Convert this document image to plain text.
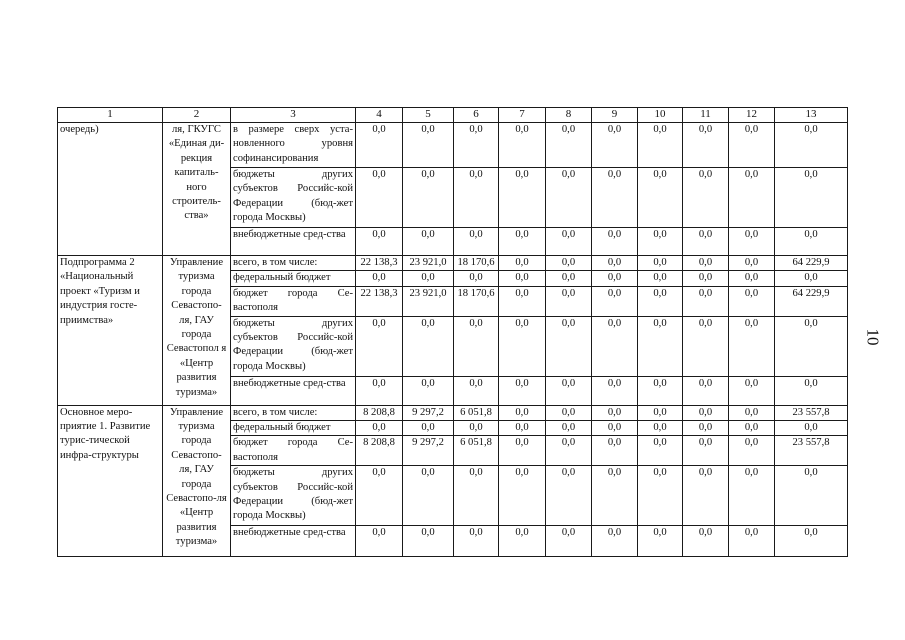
1	2	3	4	5	6	7	8	9	10	11	12	13
очередь)	ля, ГКУГС «Единая ди-рекция капиталь-ного строитель-ства»	в размере сверх уста-новленного уровня софинансирования	0,0	0,0	0,0	0,0	0,0	0,0	0,0	0,0	0,0	0,0
		бюджеты других субъектов Российс-кой Федерации (бюд-жет города Москвы)	0,0	0,0	0,0	0,0	0,0	0,0	0,0	0,0	0,0	0,0
		внебюджетные сред-ства	0,0	0,0	0,0	0,0	0,0	0,0	0,0	0,0	0,0	0,0
Подпрограмма 2 «Национальный проект «Туризм и индустрия госте-приимства»	Управление туризма города Севастопо-ля, ГАУ города Севастопол я «Центр развития туризма»	всего, в том числе:	22 138,3	23 921,0	18 170,6	0,0	0,0	0,0	0,0	0,0	0,0	64 229,9
		федеральный бюджет	0,0	0,0	0,0	0,0	0,0	0,0	0,0	0,0	0,0	0,0
		бюджет города Се-вастополя	22 138,3	23 921,0	18 170,6	0,0	0,0	0,0	0,0	0,0	0,0	64 229,9
		бюджеты других субъектов Российс-кой Федерации (бюд-жет города Москвы)	0,0	0,0	0,0	0,0	0,0	0,0	0,0	0,0	0,0	0,0
		внебюджетные сред-ства	0,0	0,0	0,0	0,0	0,0	0,0	0,0	0,0	0,0	0,0
Основное меро-приятие 1. Развитие турис-тической инфра-структуры	Управление туризма города Севастопо-ля, ГАУ города Севастопо-ля «Центр развития туризма»	всего, в том числе:	8 208,8	9 297,2	6 051,8	0,0	0,0	0,0	0,0	0,0	0,0	23 557,8
		федеральный бюджет	0,0	0,0	0,0	0,0	0,0	0,0	0,0	0,0	0,0	0,0
		бюджет города Се-вастополя	8 208,8	9 297,2	6 051,8	0,0	0,0	0,0	0,0	0,0	0,0	23 557,8
		бюджеты других субъектов Российс-кой Федерации (бюд-жет города Москвы)	0,0	0,0	0,0	0,0	0,0	0,0	0,0	0,0	0,0	0,0
		внебюджетные сред-ства	0,0	0,0	0,0	0,0	0,0	0,0	0,0	0,0	0,0	0,0
10
